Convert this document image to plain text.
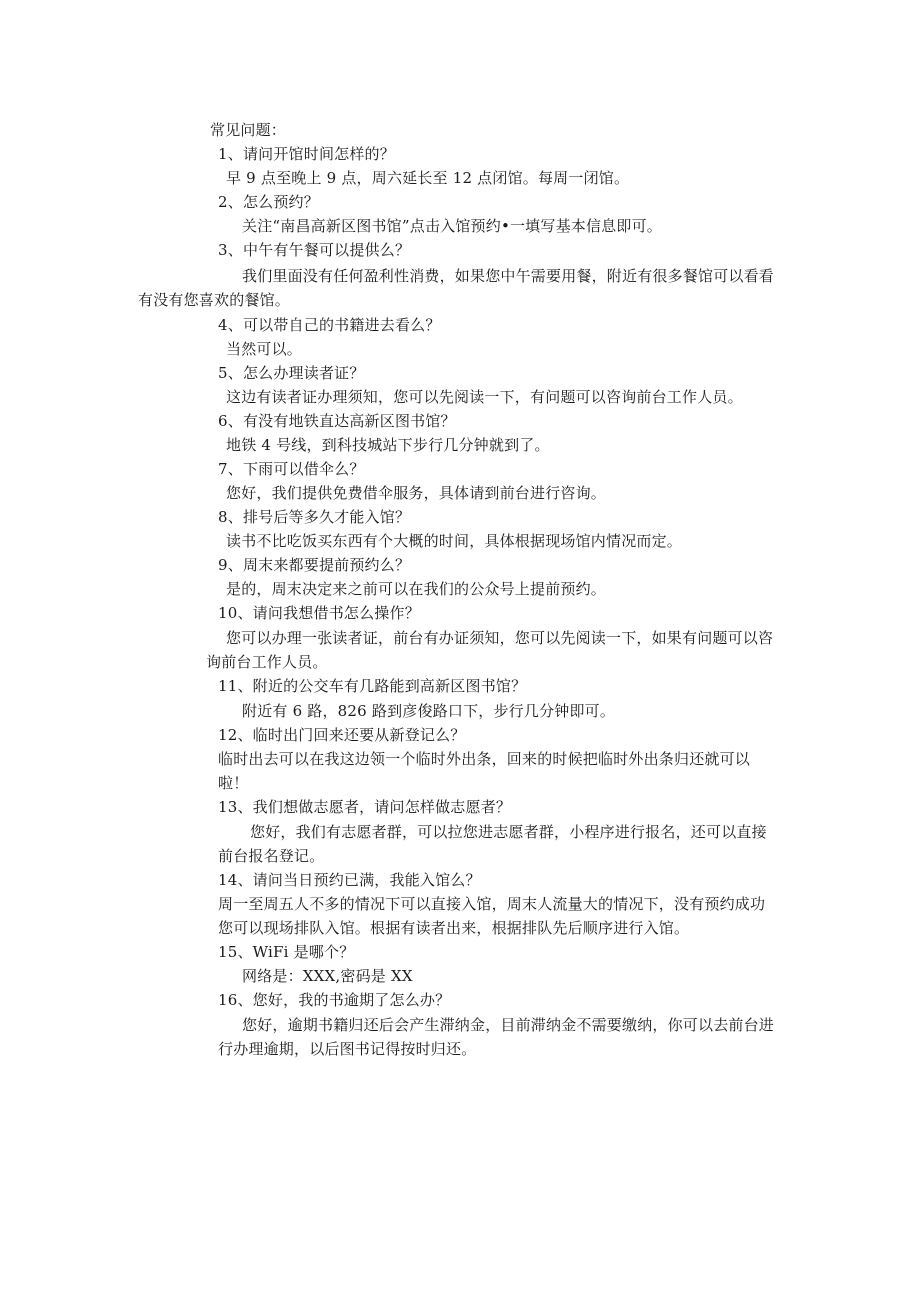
常见问题：
1、请问开馆时间怎样的？
早 9 点至晚上 9 点，周六延长至 12 点闭馆。每周一闭馆。
2、怎么预约？
关注“南昌高新区图书馆”点击入馆预约•一填写基本信息即可。
3、中午有午餐可以提供么？
我们里面没有任何盈利性消费，如果您中午需要用餐，附近有很多餐馆可以看看
有没有您喜欢的餐馆。
4、可以带自己的书籍进去看么？
当然可以。
5、怎么办理读者证？
这边有读者证办理须知，您可以先阅读一下，有问题可以咨询前台工作人员。
6、有没有地铁直达高新区图书馆？
地铁 4 号线，到科技城站下步行几分钟就到了。
7、下雨可以借伞么？
您好，我们提供免费借伞服务，具体请到前台进行咨询。
8、排号后等多久才能入馆？
读书不比吃饭买东西有个大概的时间，具体根据现场馆内情况而定。
9、周末来都要提前预约么？
是的，周末决定来之前可以在我们的公众号上提前预约。
10、请问我想借书怎么操作？
您可以办理一张读者证，前台有办证须知，您可以先阅读一下，如果有问题可以咨
询前台工作人员。
11、附近的公交车有几路能到高新区图书馆？
附近有 6 路，826 路到彦俊路口下，步行几分钟即可。
12、临时出门回来还要从新登记么？
临时出去可以在我这边领一个临时外出条，回来的时候把临时外出条归还就可以
啦！
13、我们想做志愿者，请问怎样做志愿者？
您好，我们有志愿者群，可以拉您进志愿者群，小程序进行报名，还可以直接
前台报名登记。
14、请问当日预约已满，我能入馆么？
周一至周五人不多的情况下可以直接入馆，周末人流量大的情况下，没有预约成功
您可以现场排队入馆。根据有读者出来，根据排队先后顺序进行入馆。
15、WiFi 是哪个？
网络是：XXX,密码是 XX
16、您好，我的书逾期了怎么办？
您好，逾期书籍归还后会产生滞纳金，目前滞纳金不需要缴纳，你可以去前台进
行办理逾期，以后图书记得按时归还。
